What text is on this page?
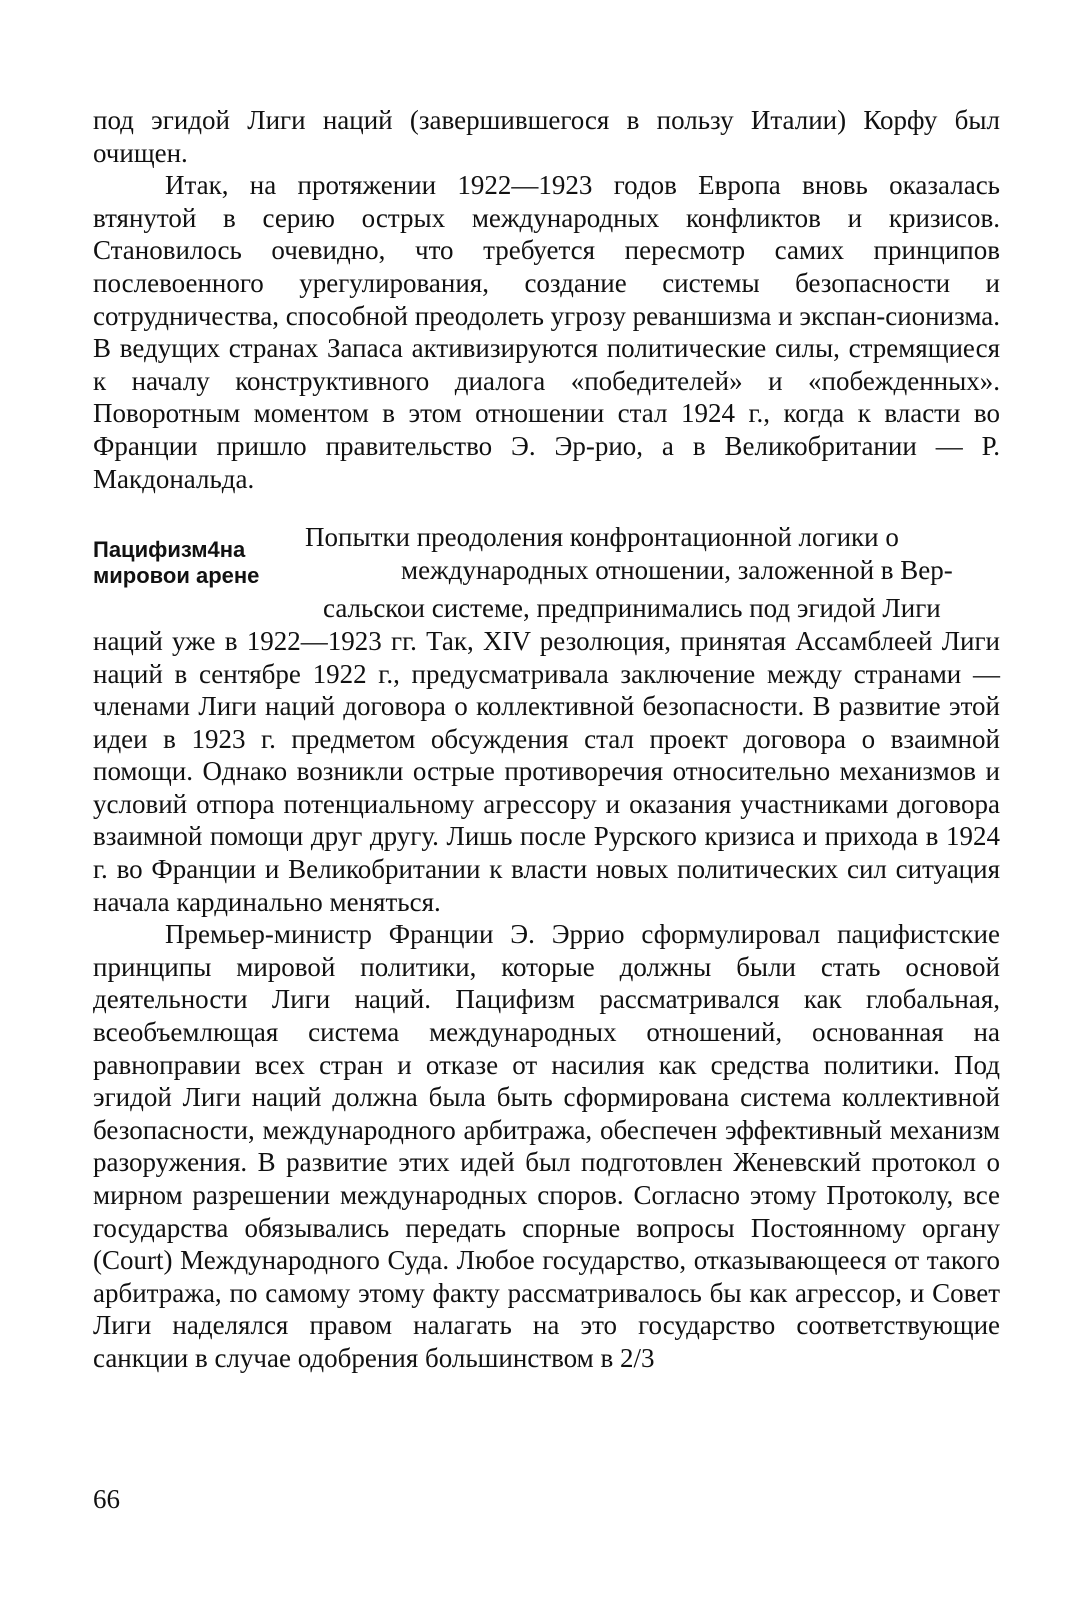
под эгидой Лиги наций (завершившегося в пользу Италии) Корфу был очищен.

Итак, на протяжении 1922—1923 годов Европа вновь оказалась втянутой в серию острых международных конфликтов и кризисов. Становилось очевидно, что требуется пересмотр самих принципов послевоенного урегулирования, создание системы безопасности и сотрудничества, способной преодолеть угрозу реваншизма и экспан-сионизма. В ведущих странах Запаса активизируются политические силы, стремящиеся к началу конструктивного диалога «победителей» и «побежденных». Поворотным моментом в этом отношении стал 1924 г., когда к власти во Франции пришло правительство Э. Эр-рио, а в Великобритании — Р. Макдональда.

Пацифизм4на
мировои арене

Попытки преодоления конфронтационной логики о
международных отношении, заложенной в Вер-
сальскои системе, предпринимались под эгидой Лиги

наций уже в 1922—1923 гг. Так, XIV резолюция, принятая Ассамблеей Лиги наций в сентябре 1922 г., предусматривала заключение между странами — членами Лиги наций договора о коллективной безопасности. В развитие этой идеи в 1923 г. предметом обсуждения стал проект договора о взаимной помощи. Однако возникли острые противоречия относительно механизмов и условий отпора потенциальному агрессору и оказания участниками договора взаимной помощи друг другу. Лишь после Рурского кризиса и прихода в 1924 г. во Франции и Великобритании к власти новых политических сил ситуация начала кардинально меняться.

Премьер-министр Франции Э. Эррио сформулировал пацифистские принципы мировой политики, которые должны были стать основой деятельности Лиги наций. Пацифизм рассматривался как глобальная, всеобъемлющая система международных отношений, основанная на равноправии всех стран и отказе от насилия как средства политики. Под эгидой Лиги наций должна была быть сформирована система коллективной безопасности, международного арбитража, обеспечен эффективный механизм разоружения. В развитие этих идей был подготовлен Женевский протокол о мирном разрешении международных споров. Согласно этому Протоколу, все государства обязывались передать спорные вопросы Постоянному органу (Court) Международного Суда. Любое государство, отказывающееся от такого арбитража, по самому этому факту рассматривалось бы как агрессор, и Совет Лиги наделялся правом налагать на это государство соответствующие санкции в случае одобрения большинством в 2/3

66
